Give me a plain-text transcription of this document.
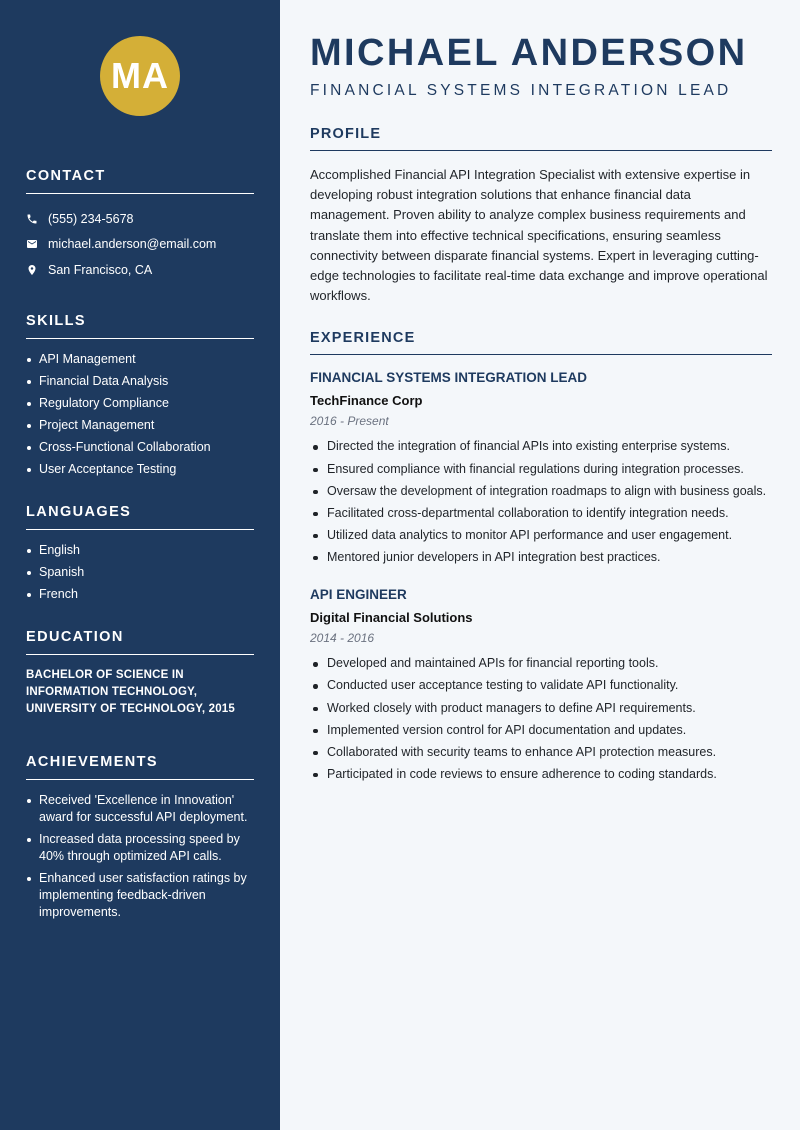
MA
CONTACT
(555) 234-5678
michael.anderson@email.com
San Francisco, CA
SKILLS
API Management
Financial Data Analysis
Regulatory Compliance
Project Management
Cross-Functional Collaboration
User Acceptance Testing
LANGUAGES
English
Spanish
French
EDUCATION

BACHELOR OF SCIENCE IN INFORMATION TECHNOLOGY, UNIVERSITY OF TECHNOLOGY, 2015

ACHIEVEMENTS
Received 'Excellence in Innovation' award for successful API deployment.
Increased data processing speed by 40% through optimized API calls.
Enhanced user satisfaction ratings by implementing feedback-driven improvements.
MICHAEL ANDERSON
FINANCIAL SYSTEMS INTEGRATION LEAD
PROFILE

Accomplished Financial API Integration Specialist with extensive expertise in developing robust integration solutions that enhance financial data management. Proven ability to analyze complex business requirements and translate them into effective technical specifications, ensuring seamless connectivity between disparate financial systems. Expert in leveraging cutting-edge technologies to facilitate real-time data exchange and improve operational workflows.

EXPERIENCE
FINANCIAL SYSTEMS INTEGRATION LEAD
TechFinance Corp
2016 - Present
Directed the integration of financial APIs into existing enterprise systems.
Ensured compliance with financial regulations during integration processes.
Oversaw the development of integration roadmaps to align with business goals.
Facilitated cross-departmental collaboration to identify integration needs.
Utilized data analytics to monitor API performance and user engagement.
Mentored junior developers in API integration best practices.
API ENGINEER
Digital Financial Solutions
2014 - 2016
Developed and maintained APIs for financial reporting tools.
Conducted user acceptance testing to validate API functionality.
Worked closely with product managers to define API requirements.
Implemented version control for API documentation and updates.
Collaborated with security teams to enhance API protection measures.
Participated in code reviews to ensure adherence to coding standards.
